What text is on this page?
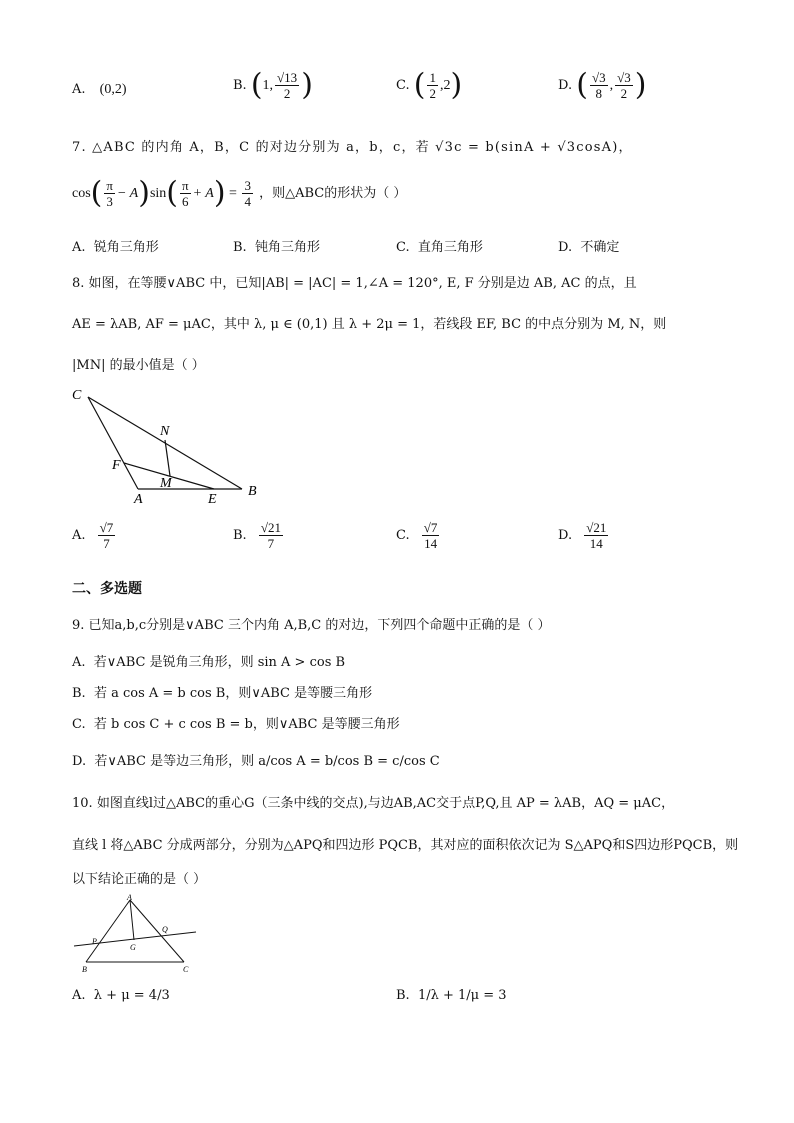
A. (0,2)	B. (1, $\frac{√13}{2}$ )	C. ( $\frac{1}{2} ,2$)	D. ( $\frac{√3}{8}$ , $\frac{√3}{2}$ )
7. △ABC 的内角 A，B，C 的对边分别为 a，b，c，若 √3c = b(sinA + √3cosA)，
$\cos( \frac{\pi}{3} - A)\sin( \frac{\pi}{6} + A) = \frac{3}{4}$ ，则△ABC的形状为（ ）
A. 锐角三角形	B. 钝角三角形	C. 直角三角形	D. 不确定
8. 如图，在等腰∨ABC 中，已知|AB| = |AC| = 1,∠A = 120°, E, F 分别是边 AB, AC 的点，且
AE = λAB, AF = μAC，其中 λ, μ ∈ (0,1) 且 λ + 2μ = 1，若线段 EF, BC 的中点分别为 M, N，则
|MN| 的最小值是（ ）
C
N
F
M
A	E
B
A. $\frac{√7}{7}$	B. $\frac{√21}{7}$	C. $\frac{√7}{14}$	D. $\frac{√21}{14}$
二、多选题
9. 已知a,b,c分别是∨ABC 三个内角 A,B,C 的对边，下列四个命题中正确的是（ ）
A. 若∨ABC 是锐角三角形，则 sin A > cos B
B. 若 a cos A = b cos B，则∨ABC 是等腰三角形
C. 若 b cos C + c cos B = b，则∨ABC 是等腰三角形
D. 若∨ABC 是等边三角形，则 a/cos A = b/cos B = c/cos C
10. 如图直线l过△ABC的重心G（三条中线的交点),与边AB,AC交于点P,Q,且 AP = λAB，AQ = μAC，
直线 l 将△ABC 分成两部分，分别为△APQ和四边形 PQCB，其对应的面积依次记为 S△APQ和S四边形PQCB，则
以下结论正确的是（ ）
A
P
Q
G
B	C
A. λ + μ = 4/3	B. 1/λ + 1/μ = 3
